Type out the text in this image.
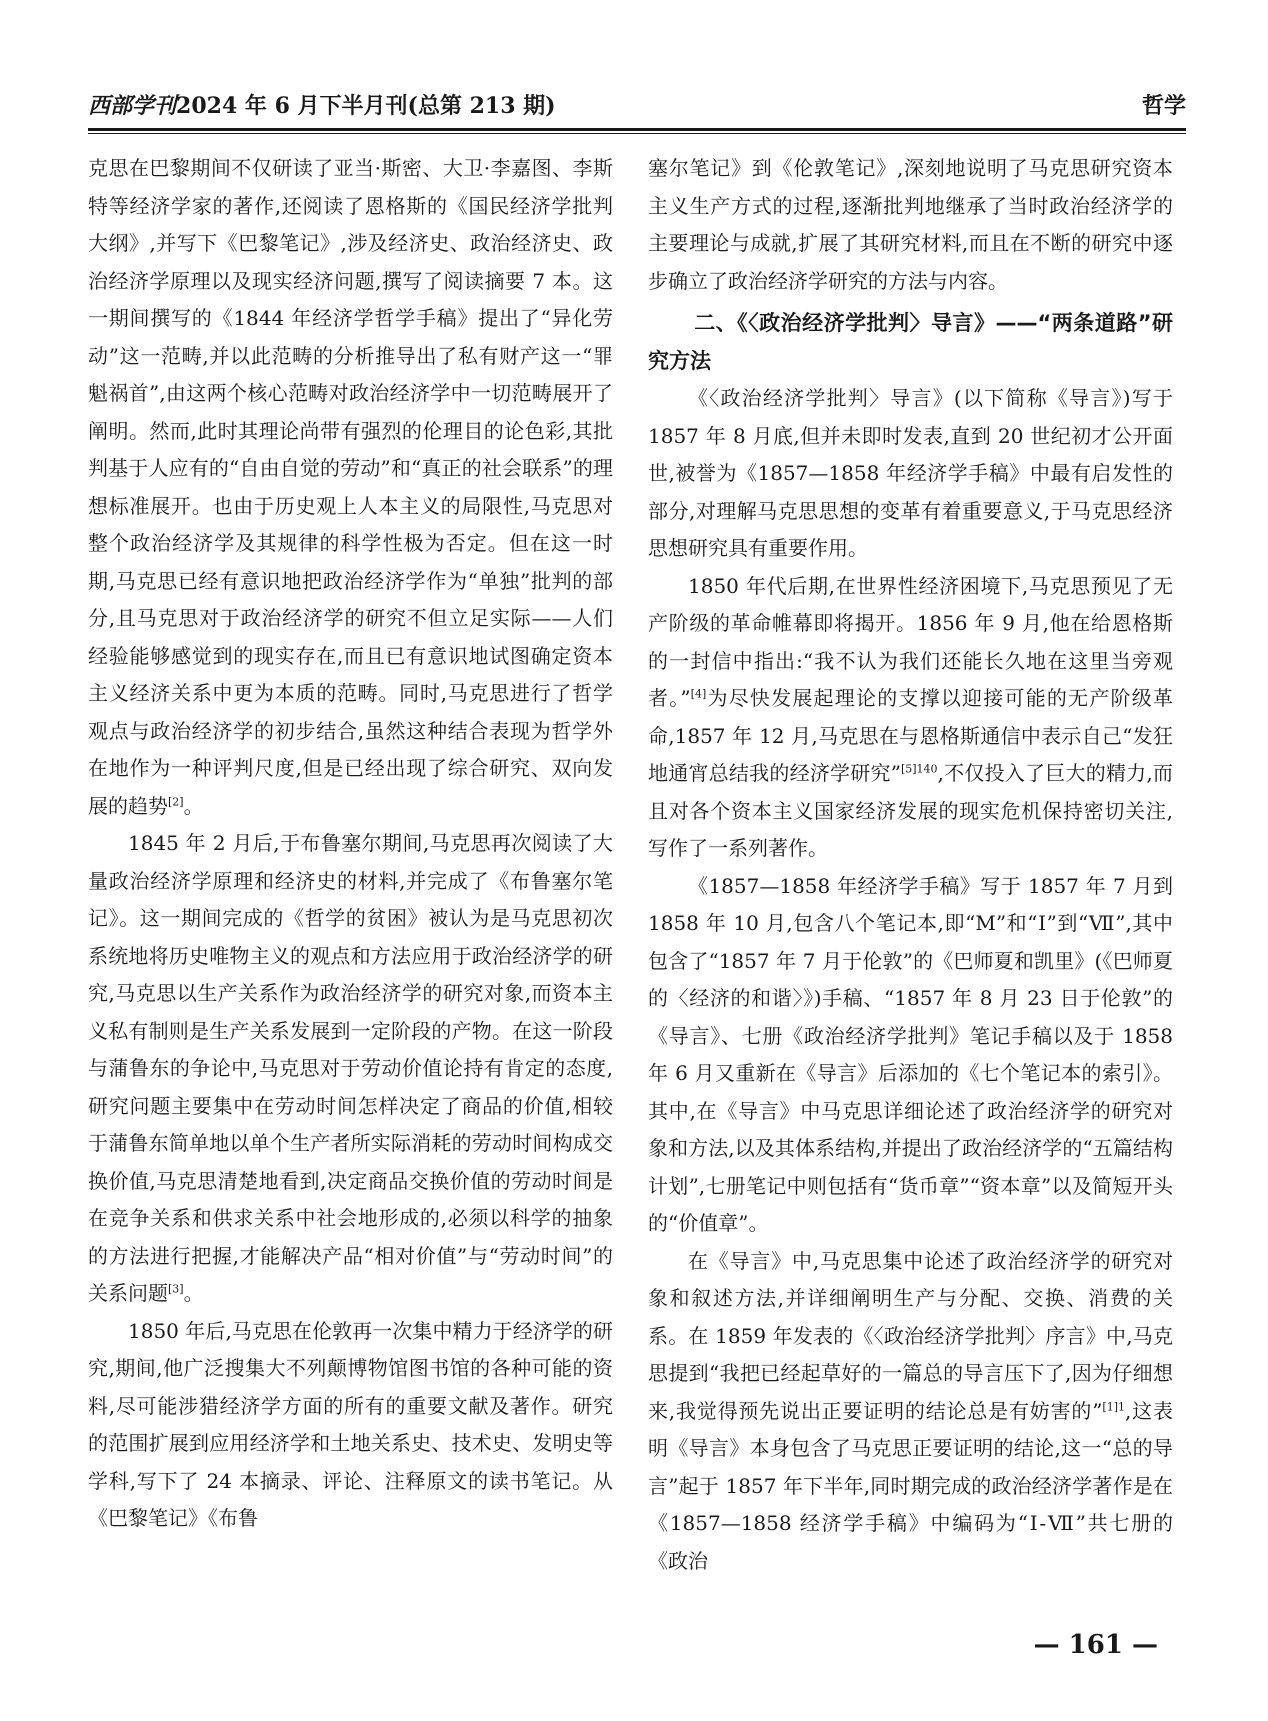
西部学刊2024 年 6 月下半月刊(总第 213 期)	哲学

克思在巴黎期间不仅研读了亚当·斯密、大卫·李嘉图、李斯特等经济学家的著作,还阅读了恩格斯的《国民经济学批判大纲》,并写下《巴黎笔记》,涉及经济史、政治经济史、政治经济学原理以及现实经济问题,撰写了阅读摘要 7 本。这一期间撰写的《1844 年经济学哲学手稿》提出了“异化劳动”这一范畴,并以此范畴的分析推导出了私有财产这一“罪魁祸首”,由这两个核心范畴对政治经济学中一切范畴展开了阐明。然而,此时其理论尚带有强烈的伦理目的论色彩,其批判基于人应有的“自由自觉的劳动”和“真正的社会联系”的理想标准展开。也由于历史观上人本主义的局限性,马克思对整个政治经济学及其规律的科学性极为否定。但在这一时期,马克思已经有意识地把政治经济学作为“单独”批判的部分,且马克思对于政治经济学的研究不但立足实际——人们经验能够感觉到的现实存在,而且已有意识地试图确定资本主义经济关系中更为本质的范畴。同时,马克思进行了哲学观点与政治经济学的初步结合,虽然这种结合表现为哲学外在地作为一种评判尺度,但是已经出现了综合研究、双向发展的趋势[2]。

1845 年 2 月后,于布鲁塞尔期间,马克思再次阅读了大量政治经济学原理和经济史的材料,并完成了《布鲁塞尔笔记》。这一期间完成的《哲学的贫困》被认为是马克思初次系统地将历史唯物主义的观点和方法应用于政治经济学的研究,马克思以生产关系作为政治经济学的研究对象,而资本主义私有制则是生产关系发展到一定阶段的产物。在这一阶段与蒲鲁东的争论中,马克思对于劳动价值论持有肯定的态度,研究问题主要集中在劳动时间怎样决定了商品的价值,相较于蒲鲁东简单地以单个生产者所实际消耗的劳动时间构成交换价值,马克思清楚地看到,决定商品交换价值的劳动时间是在竞争关系和供求关系中社会地形成的,必须以科学的抽象的方法进行把握,才能解决产品“相对价值”与“劳动时间”的关系问题[3]。

1850 年后,马克思在伦敦再一次集中精力于经济学的研究,期间,他广泛搜集大不列颠博物馆图书馆的各种可能的资料,尽可能涉猎经济学方面的所有的重要文献及著作。研究的范围扩展到应用经济学和土地关系史、技术史、发明史等学科,写下了 24 本摘录、评论、注释原文的读书笔记。从《巴黎笔记》《布鲁

塞尔笔记》到《伦敦笔记》,深刻地说明了马克思研究资本主义生产方式的过程,逐渐批判地继承了当时政治经济学的主要理论与成就,扩展了其研究材料,而且在不断的研究中逐步确立了政治经济学研究的方法与内容。

二、《〈政治经济学批判〉导言》——“两条道路”研究方法

《〈政治经济学批判〉导言》(以下简称《导言》)写于 1857 年 8 月底,但并未即时发表,直到 20 世纪初才公开面世,被誉为《1857—1858 年经济学手稿》中最有启发性的部分,对理解马克思思想的变革有着重要意义,于马克思经济思想研究具有重要作用。

1850 年代后期,在世界性经济困境下,马克思预见了无产阶级的革命帷幕即将揭开。1856 年 9 月,他在给恩格斯的一封信中指出:“我不认为我们还能长久地在这里当旁观者。”[4]为尽快发展起理论的支撑以迎接可能的无产阶级革命,1857 年 12 月,马克思在与恩格斯通信中表示自己“发狂地通宵总结我的经济学研究”$^{[5]140}$,不仅投入了巨大的精力,而且对各个资本主义国家经济发展的现实危机保持密切关注,写作了一系列著作。

《1857—1858 年经济学手稿》写于 1857 年 7 月到 1858 年 10 月,包含八个笔记本,即“M”和“Ⅰ”到“Ⅶ”,其中包含了“1857 年 7 月于伦敦”的《巴师夏和凯里》(《巴师夏的〈经济的和谐〉》)手稿、“1857 年 8 月 23 日于伦敦”的《导言》、七册《政治经济学批判》笔记手稿以及于 1858 年 6 月又重新在《导言》后添加的《七个笔记本的索引》。其中,在《导言》中马克思详细论述了政治经济学的研究对象和方法,以及其体系结构,并提出了政治经济学的“五篇结构计划”,七册笔记中则包括有“货币章”“资本章”以及简短开头的“价值章”。

在《导言》中,马克思集中论述了政治经济学的研究对象和叙述方法,并详细阐明生产与分配、交换、消费的关系。在 1859 年发表的《〈政治经济学批判〉序言》中,马克思提到“我把已经起草好的一篇总的导言压下了,因为仔细想来,我觉得预先说出正要证明的结论总是有妨害的”$^{[1]1}$,这表明《导言》本身包含了马克思正要证明的结论,这一“总的导言”起于 1857 年下半年,同时期完成的政治经济学著作是在《1857—1858 经济学手稿》中编码为“Ⅰ-Ⅶ”共七册的《政治

— 161 —
